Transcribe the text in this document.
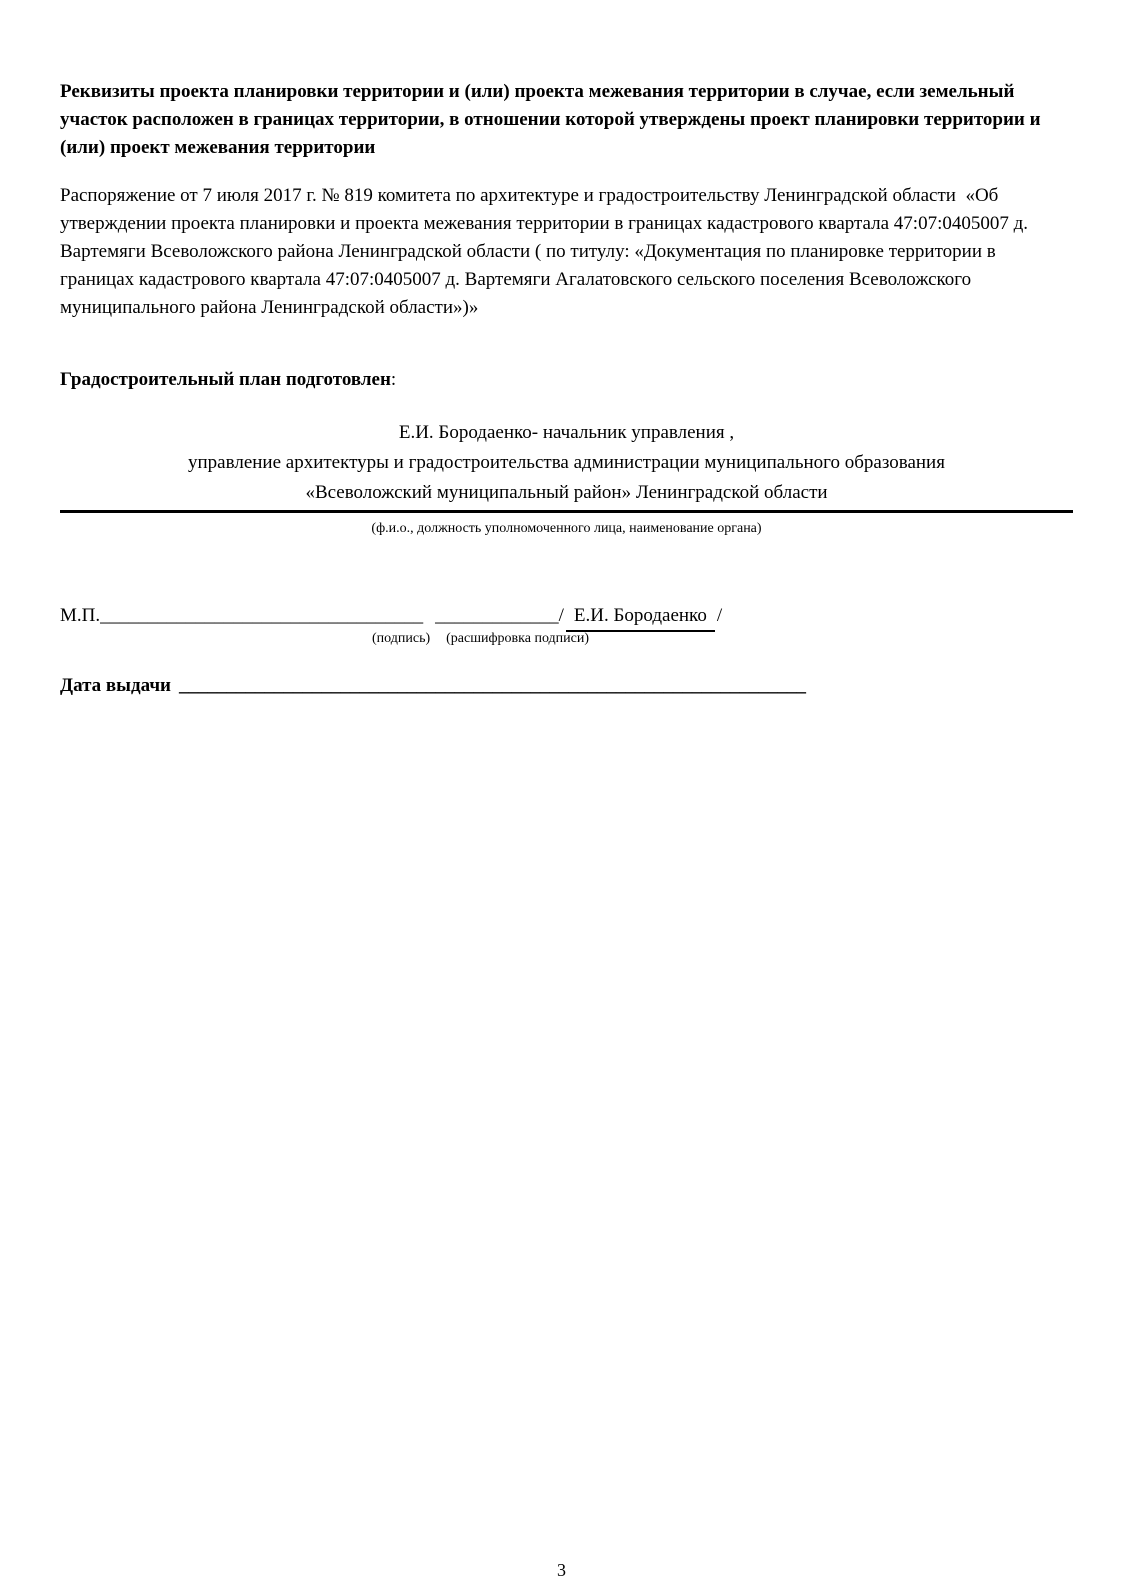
Реквизиты проекта планировки территории и (или) проекта межевания территории в случае, если земельный участок расположен в границах территории, в отношении которой утверждены проект планировки территории и (или) проект межевания территории

Распоряжение от 7 июля 2017 г. № 819 комитета по архитектуре и градостроительству Ленинградской области  «Об утверждении проекта планировки и проекта межевания территории в границах кадастрового квартала 47:07:0405007 д. Вартемяги Всеволожского района Ленинградской области ( по титулу: «Документация по планировке территории в границах кадастрового квартала 47:07:0405007 д. Вартемяги Агалатовского сельского поселения Всеволожского муниципального района Ленинградской области»)»

Градостроительный план подготовлен:

Е.И. Бородаенко- начальник управления ,
управление архитектуры и градостроительства администрации муниципального образования
«Всеволожский муниципальный район» Ленинградской области
(ф.и.о., должность уполномоченного лица, наименование органа)
М.П.__________________________________ _____________/ Е.И. Бородаенко /
(подпись) (расшифровка подписи)
Дата выдачи __________________________________________________________________
3
